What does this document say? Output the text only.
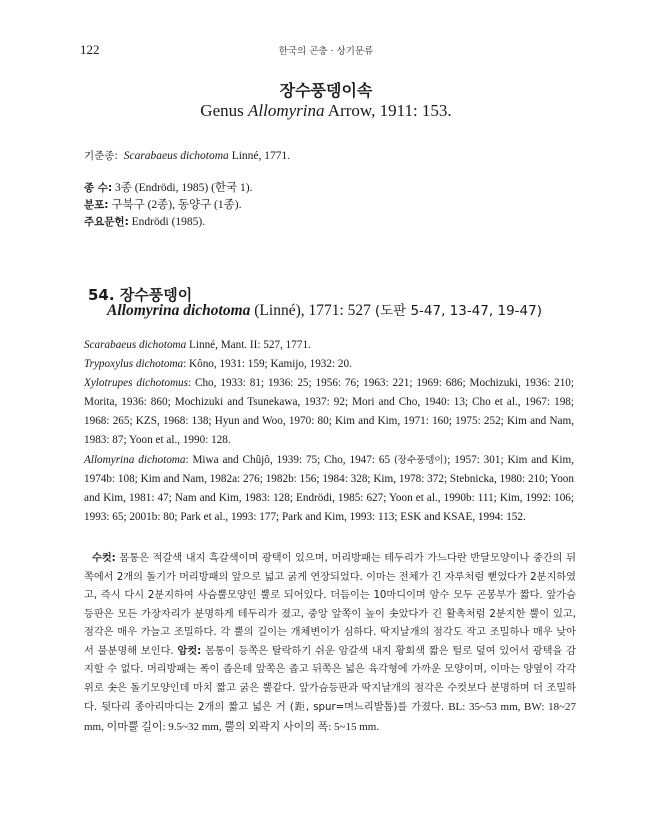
122	한국의 곤충 · 상기문류
장수풍뎅이속
Genus Allomyrina Arrow, 1911: 153.
기준종: Scarabaeus dichotoma Linné, 1771.
종 수: 3종 (Endrödi, 1985) (한국 1).
분포: 구북구 (2종), 동양구 (1종).
주요문헌: Endrödi (1985).
54. 장수풍뎅이
Allomyrina dichotoma (Linné), 1771: 527 (도판 5-47, 13-47, 19-47)

Scarabaeus dichotoma Linné, Mant. II: 527, 1771.

Trypoxylus dichotoma: Kôno, 1931: 159; Kamijo, 1932: 20.

Xylotrupes dichotomus: Cho, 1933: 81; 1936: 25; 1956: 76; 1963: 221; 1969: 686; Mochizuki, 1936: 210; Morita, 1936: 860; Mochizuki and Tsunekawa, 1937: 92; Mori and Cho, 1940: 13; Cho et al., 1967: 198; 1968: 265; KZS, 1968: 138; Hyun and Woo, 1970: 80; Kim and Kim, 1971: 160; 1975: 252; Kim and Nam, 1983: 87; Yoon et al., 1990: 128.

Allomyrina dichotoma: Miwa and Chûjô, 1939: 75; Cho, 1947: 65 (장수풍뎅이); 1957: 301; Kim and Kim, 1974b: 108; Kim and Nam, 1982a: 276; 1982b: 156; 1984: 328; Kim, 1978: 372; Stebnicka, 1980: 210; Yoon and Kim, 1981: 47; Nam and Kim, 1983: 128; Endrödi, 1985: 627; Yoon et al., 1990b: 111; Kim, 1992: 106; 1993: 65; 2001b: 80; Park et al., 1993: 177; Park and Kim, 1993: 113; ESK and KSAE, 1994: 152.

수컷: 몸통은 적갈색 내지 흑갈색이며 광택이 있으며, 머리방패는 테두리가 가느다란 반달모양이나 중간의 뒤쪽에서 2개의 돌기가 머리방패의 앞으로 넓고 굵게 연장되었다. 이마는 전체가 긴 자루처럼 뻗었다가 2분지하였고, 즉시 다시 2분지하여 사슴뿔모양인 뿔로 되어있다. 더듬이는 10마디이며 암수 모두 곤봉부가 짧다. 앞가슴등판은 모든 가장자리가 분명하게 테두리가 졌고, 중앙 앞쪽이 높이 솟았다가 긴 활촉처럼 2분지한 뿔이 있고, 점각은 매우 가늘고 조밀하다. 각 뿔의 길이는 개체변이가 심하다. 딱지날개의 점각도 작고 조밀하나 매우 낮아서 불분명해 보인다. 암컷: 몸통이 등쪽은 탈락하기 쉬운 암갈색 내지 황회색 짧은 털로 덮여 있어서 광택을 감지할 수 없다. 머리방패는 폭이 좁은데 앞쪽은 좁고 뒤쪽은 넓은 육각형에 가까운 모양이며, 이마는 양옆이 각각 위로 솟은 돌기모양인데 마치 짧고 굵은 뿔같다. 앞가슴등판과 딱지날개의 점각은 수컷보다 분명하며 더 조밀하다. 뒷다리 종아리마디는 2개의 짧고 넓은 거 (距, spur=며느리발톱)를 가졌다. BL: 35~53 mm, BW: 18~27 mm, 이마뿔 길이: 9.5~32 mm, 뿔의 외곽지 사이의 폭: 5~15 mm.
